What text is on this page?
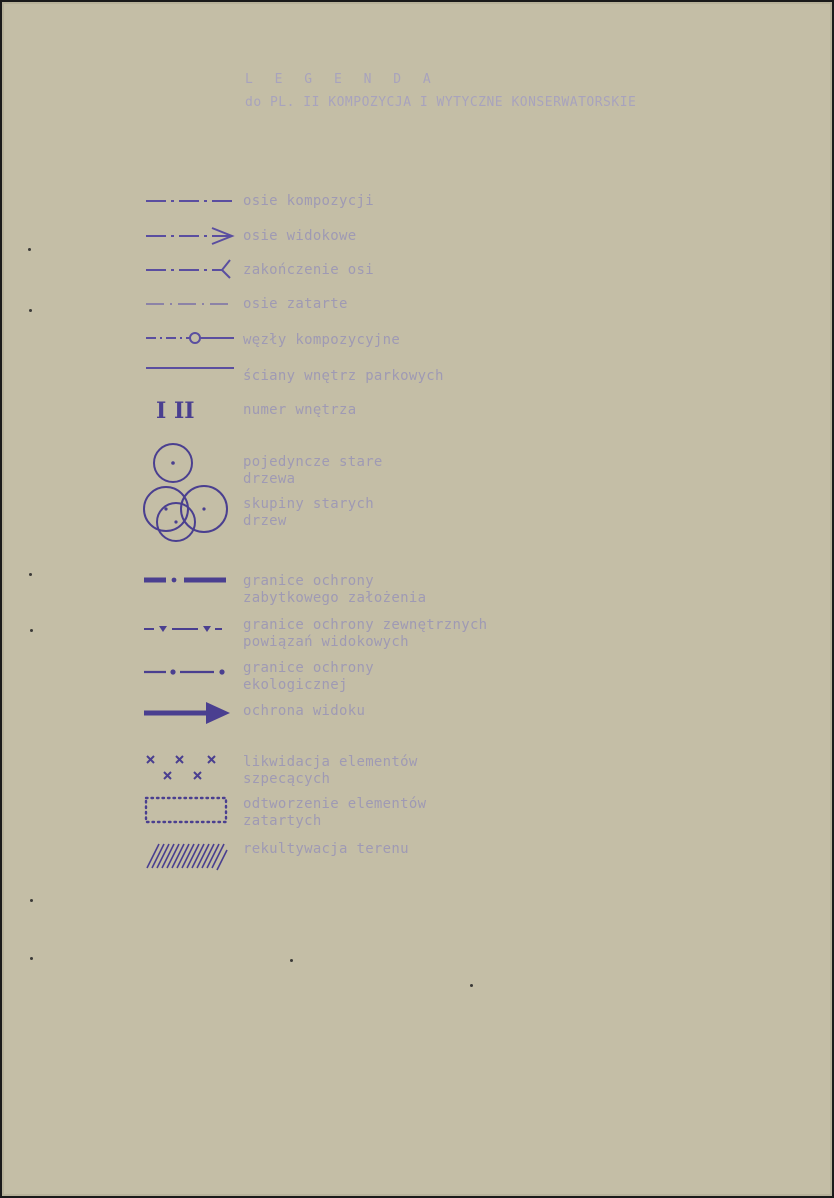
L E G E N D A
do PL. II KOMPOZYCJA I WYTYCZNE KONSERWATORSKIE
osie kompozycji
osie widokowe
zakończenie osi
osie zatarte
węzły kompozycyjne
ściany wnętrz parkowych
I II	numer wnętrza
pojedyncze stare
drzewa
skupiny starych
drzew
granice ochrony
zabytkowego założenia
granice ochrony zewnętrznych
powiązań widokowych
granice ochrony
ekologicznej
ochrona widoku
likwidacja elementów
szpecących
odtworzenie elementów
zatartych
rekultywacja terenu
